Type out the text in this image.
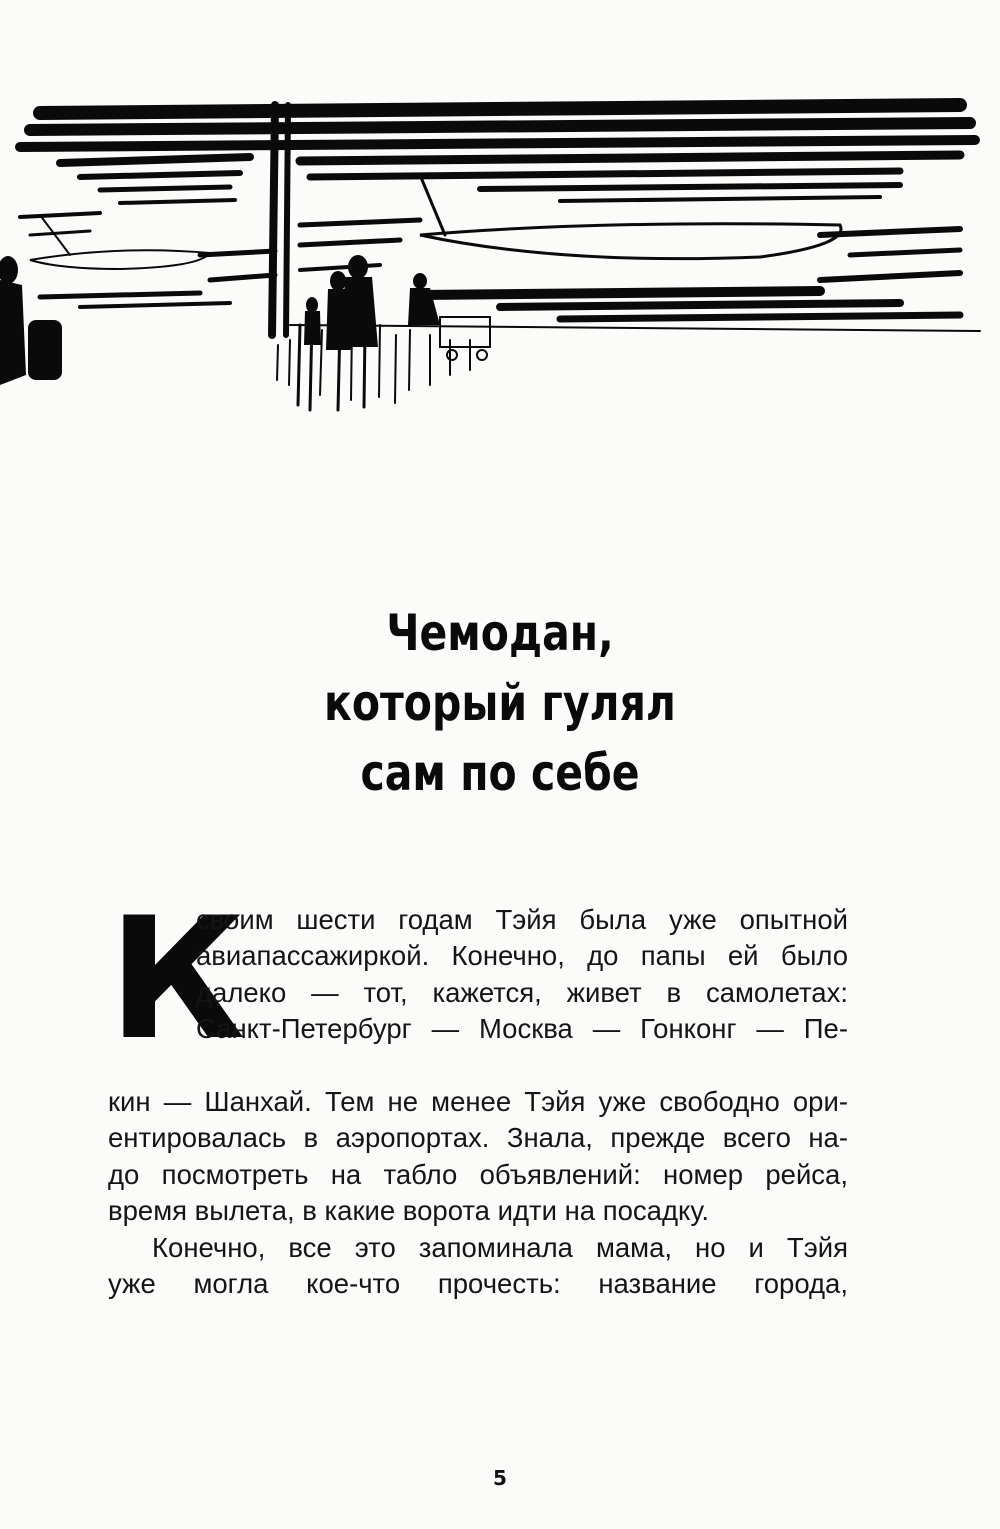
Чемодан,
который гулял
сам по себе
К
своим шести годам Тэйя была уже опытной
авиапассажиркой. Конечно, до папы ей было
далеко — тот, кажется, живет в самолетах:
Санкт-Петербург — Москва — Гонконг — Пе-
кин — Шанхай. Тем не менее Тэйя уже свободно ори-
ентировалась в аэропортах. Знала, прежде всего на-
до посмотреть на табло объявлений: номер рейса,
время вылета, в какие ворота идти на посадку.
Конечно, все это запоминала мама, но и Тэйя
уже могла кое-что прочесть: название города,
5
